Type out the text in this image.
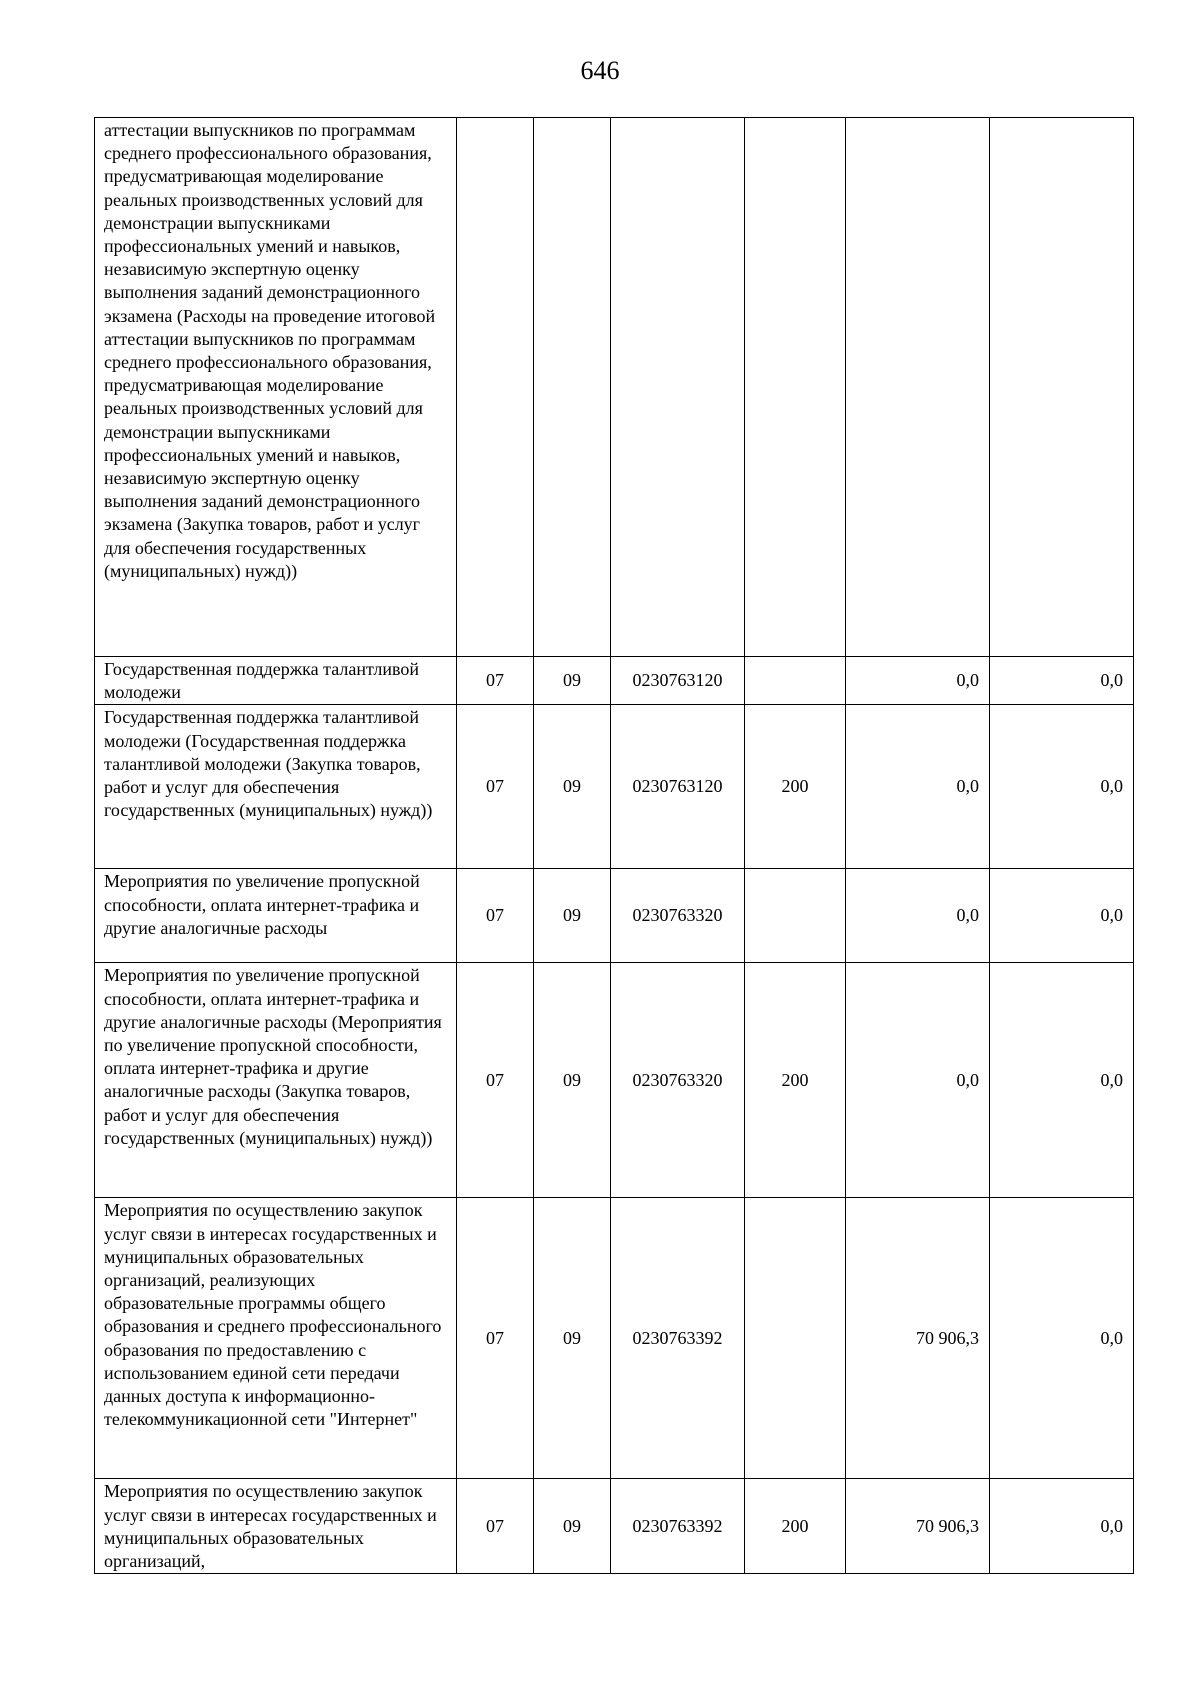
646
аттестации выпускников по программам среднего профессионального образования, предусматривающая моделирование реальных производственных условий для демонстрации выпускниками профессиональных умений и навыков, независимую экспертную оценку выполнения заданий демонстрационного экзамена (Расходы на проведение итоговой аттестации выпускников по программам среднего профессионального образования, предусматривающая моделирование реальных производственных условий для демонстрации выпускниками профессиональных умений и навыков, независимую экспертную оценку выполнения заданий демонстрационного экзамена (Закупка товаров, работ и услуг для обеспечения государственных (муниципальных) нужд))						
Государственная поддержка талантливой молодежи	07	09	0230763120		0,0	0,0
Государственная поддержка талантливой молодежи (Государственная поддержка талантливой молодежи (Закупка товаров, работ и услуг для обеспечения государственных (муниципальных) нужд))	07	09	0230763120	200	0,0	0,0
Мероприятия по увеличение пропускной способности, оплата интернет-трафика и другие аналогичные расходы	07	09	0230763320		0,0	0,0
Мероприятия по увеличение пропускной способности, оплата интернет-трафика и другие аналогичные расходы (Мероприятия по увеличение пропускной способности, оплата интернет-трафика и другие аналогичные расходы (Закупка товаров, работ и услуг для обеспечения государственных (муниципальных) нужд))	07	09	0230763320	200	0,0	0,0
Мероприятия по осуществлению закупок услуг связи в интересах государственных и муниципальных образовательных организаций, реализующих образовательные программы общего образования и среднего профессионального образования по предоставлению с использованием единой сети передачи данных доступа к информационно-телекоммуникационной сети "Интернет"	07	09	0230763392		70 906,3	0,0
Мероприятия по осуществлению закупок услуг связи в интересах государственных и муниципальных образовательных организаций,	07	09	0230763392	200	70 906,3	0,0
